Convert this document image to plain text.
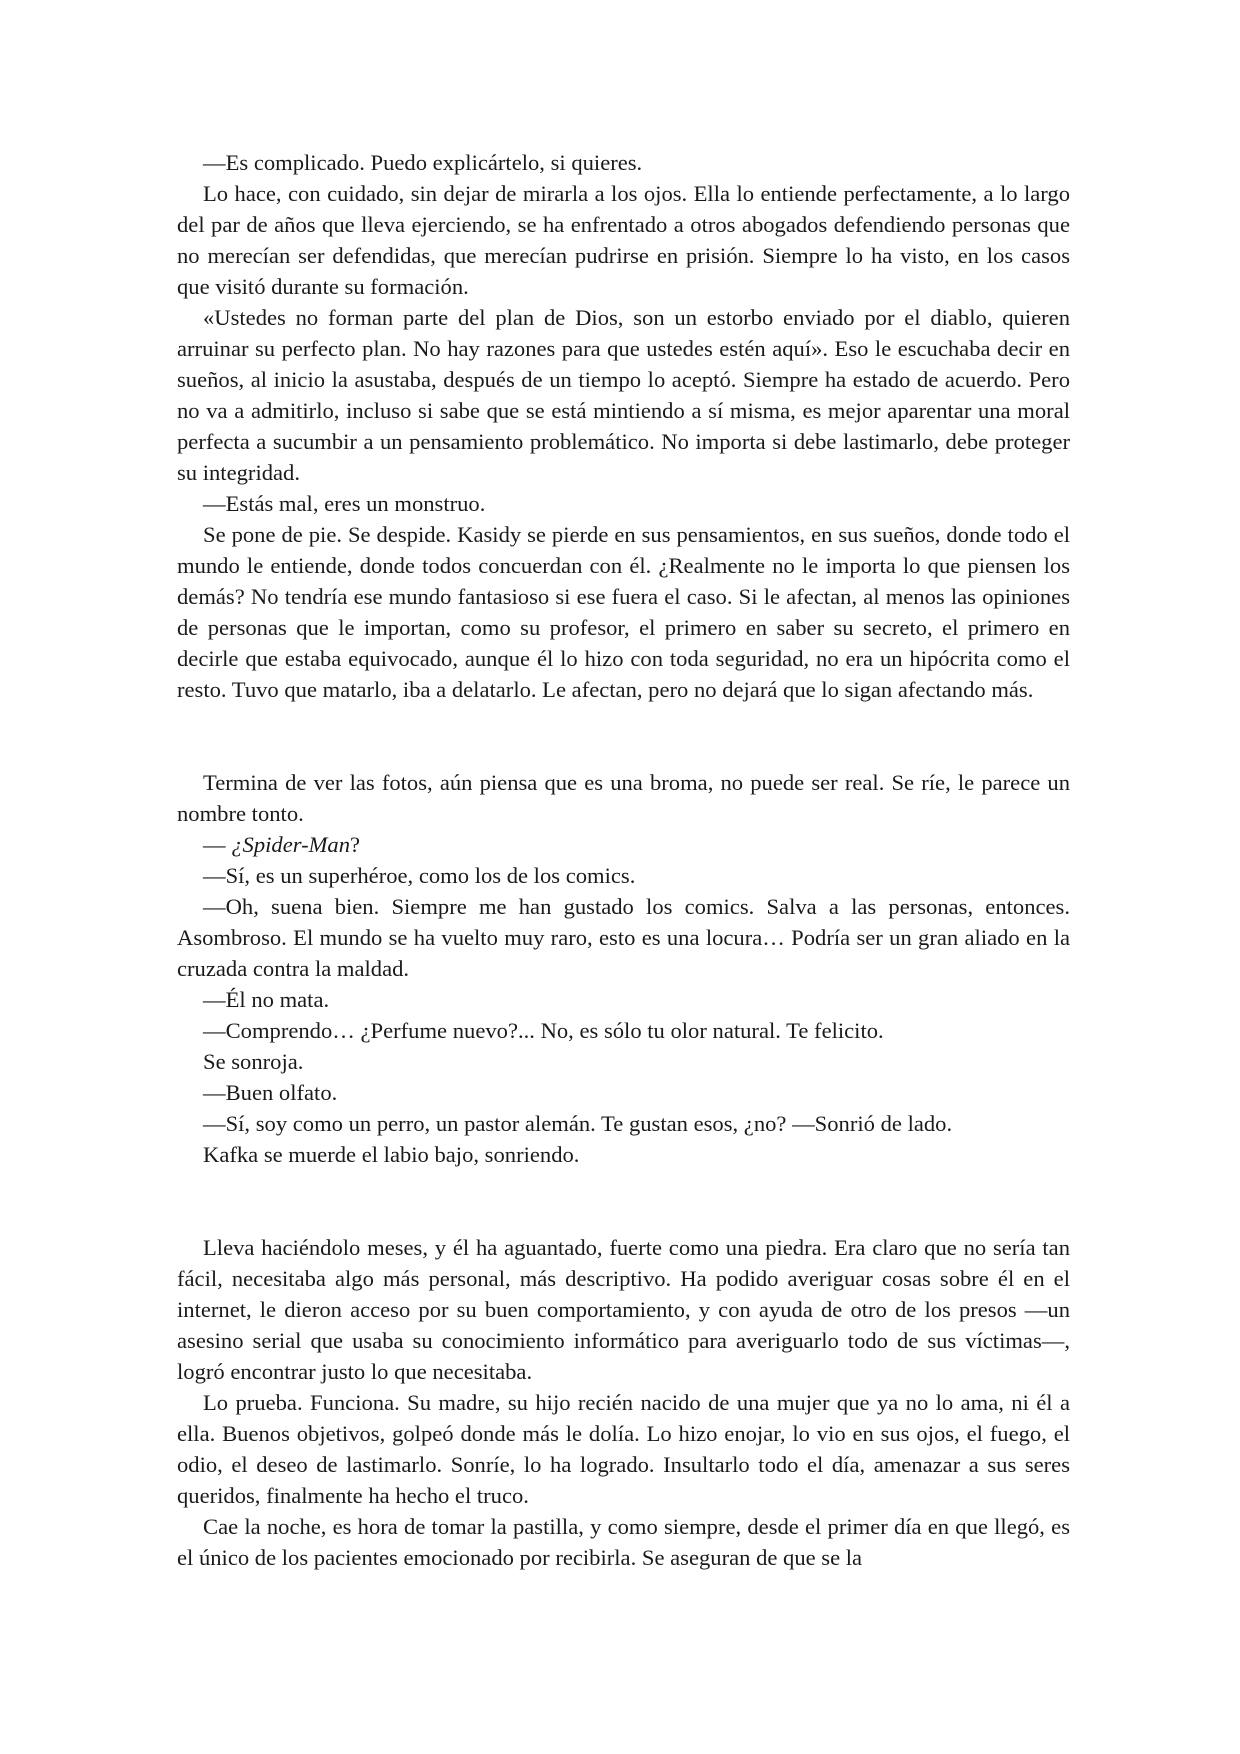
—Es complicado. Puedo explicártelo, si quieres.

Lo hace, con cuidado, sin dejar de mirarla a los ojos. Ella lo entiende perfectamente, a lo largo del par de años que lleva ejerciendo, se ha enfrentado a otros abogados defendiendo personas que no merecían ser defendidas, que merecían pudrirse en prisión. Siempre lo ha visto, en los casos que visitó durante su formación.

«Ustedes no forman parte del plan de Dios, son un estorbo enviado por el diablo, quieren arruinar su perfecto plan. No hay razones para que ustedes estén aquí». Eso le escuchaba decir en sueños, al inicio la asustaba, después de un tiempo lo aceptó. Siempre ha estado de acuerdo. Pero no va a admitirlo, incluso si sabe que se está mintiendo a sí misma, es mejor aparentar una moral perfecta a sucumbir a un pensamiento problemático. No importa si debe lastimarlo, debe proteger su integridad.

—Estás mal, eres un monstruo.

Se pone de pie. Se despide. Kasidy se pierde en sus pensamientos, en sus sueños, donde todo el mundo le entiende, donde todos concuerdan con él. ¿Realmente no le importa lo que piensen los demás? No tendría ese mundo fantasioso si ese fuera el caso. Si le afectan, al menos las opiniones de personas que le importan, como su profesor, el primero en saber su secreto, el primero en decirle que estaba equivocado, aunque él lo hizo con toda seguridad, no era un hipócrita como el resto. Tuvo que matarlo, iba a delatarlo. Le afectan, pero no dejará que lo sigan afectando más.

Termina de ver las fotos, aún piensa que es una broma, no puede ser real. Se ríe, le parece un nombre tonto.

— ¿Spider-Man?

—Sí, es un superhéroe, como los de los comics.

—Oh, suena bien. Siempre me han gustado los comics. Salva a las personas, entonces. Asombroso. El mundo se ha vuelto muy raro, esto es una locura… Podría ser un gran aliado en la cruzada contra la maldad.

—Él no mata.

—Comprendo… ¿Perfume nuevo?... No, es sólo tu olor natural. Te felicito.

Se sonroja.

—Buen olfato.

—Sí, soy como un perro, un pastor alemán. Te gustan esos, ¿no? —Sonrió de lado.

Kafka se muerde el labio bajo, sonriendo.

Lleva haciéndolo meses, y él ha aguantado, fuerte como una piedra. Era claro que no sería tan fácil, necesitaba algo más personal, más descriptivo. Ha podido averiguar cosas sobre él en el internet, le dieron acceso por su buen comportamiento, y con ayuda de otro de los presos —un asesino serial que usaba su conocimiento informático para averiguarlo todo de sus víctimas—, logró encontrar justo lo que necesitaba.

Lo prueba. Funciona. Su madre, su hijo recién nacido de una mujer que ya no lo ama, ni él a ella. Buenos objetivos, golpeó donde más le dolía. Lo hizo enojar, lo vio en sus ojos, el fuego, el odio, el deseo de lastimarlo. Sonríe, lo ha logrado. Insultarlo todo el día, amenazar a sus seres queridos, finalmente ha hecho el truco.

Cae la noche, es hora de tomar la pastilla, y como siempre, desde el primer día en que llegó, es el único de los pacientes emocionado por recibirla. Se aseguran de que se la
